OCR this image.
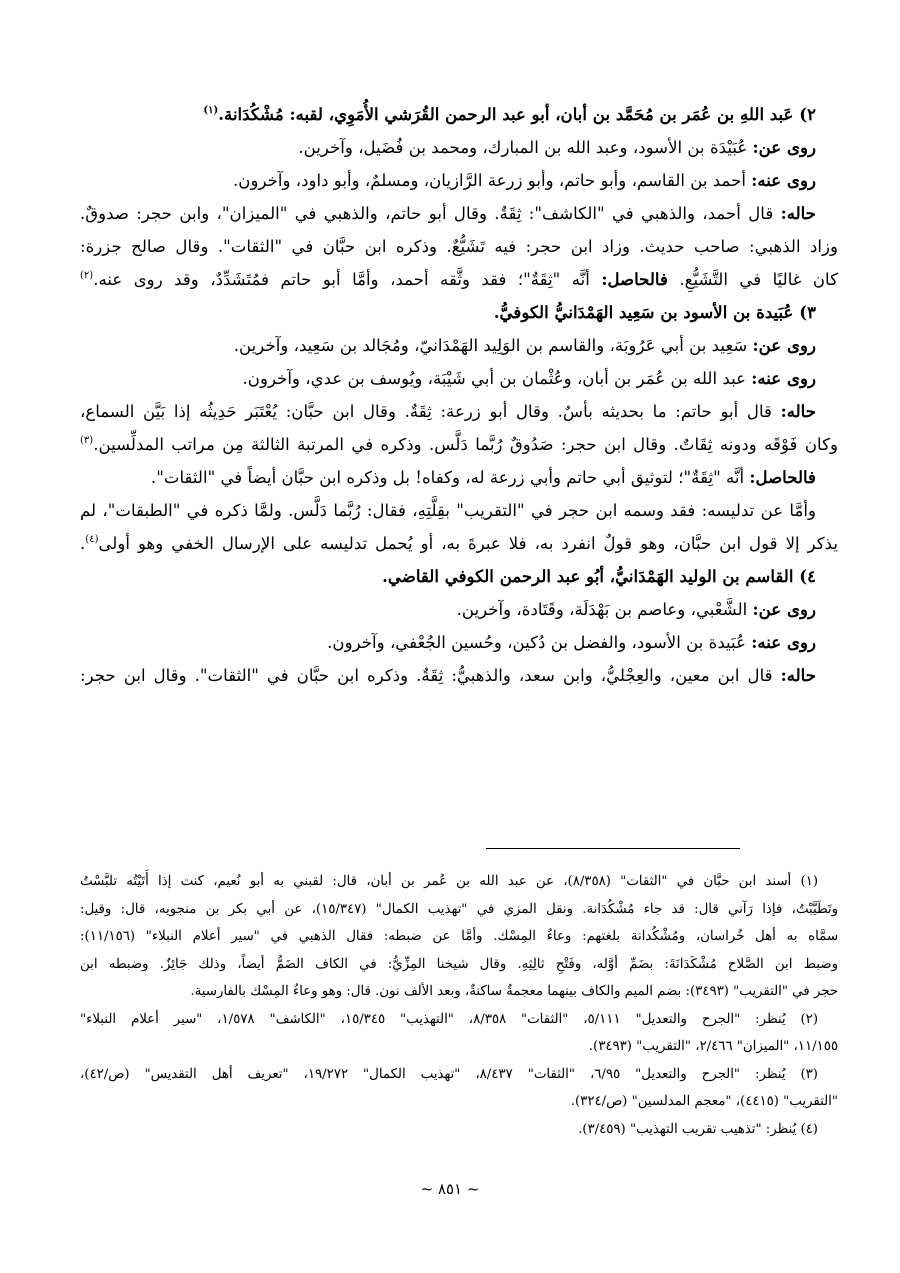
٢) عَبد اللهِ بن عُمَر بن مُحَمَّد بن أبان، أبو عبد الرحمن القُرَشي الأُمَوِي، لقبه: مُشْكُدَانة.$^{(١)}$
روى عن: عُبَيْدَة بن الأسود، وعبد الله بن المبارك، ومحمد بن فُضَيل، وآخرين.
روى عنه: أحمد بن القاسم، وأبو حاتم، وأبو زرعة الرَّازيان، ومسلمٌ، وأبو داود، وآخرون.
حاله: قال أحمد، والذهبي في "الكاشف": ثِقَةٌ. وقال أبو حاتم، والذهبي في "الميزان"، وابن حجر: صدوقٌ.
وزاد الذهبي: صاحب حديث. وزاد ابن حجر: فيه تَشَيُّعٌ. وذكره ابن حبَّان في "الثقات". وقال صالح جزرة:
كان غاليًا في التَّشَيُّعِ. فالحاصل: أنَّه "ثِقَةٌ"؛ فقد وثَّقه أحمد، وأمَّا أبو حاتم فمُتَشَدِّدٌ، وقد روى عنه.$^{(٢)}$
٣) عُبَيدة بن الأسود بن سَعِيد الهَمْدَانيُّ الكوفيُّ.
روى عن: سَعِيد بن أبي عَرُوبَة، والقاسم بن الوَلِيد الهَمْدَانيّ، ومُجَالد بن سَعِيد، وآخرين.
روى عنه: عبد الله بن عُمَر بن أبان، وعُثْمان بن أبي شَيْبَة، ويُوسف بن عدي، وآخرون.
حاله: قال أبو حاتم: ما بحديثه بأسٌ. وقال أبو زرعة: ثِقَةٌ. وقال ابن حبَّان: يُعْتَبَر حَدِيثُه إذا بَيَّن السماع،
وكان فَوْقَه ودونه ثِقَاتٌ. وقال ابن حجر: صَدُوقٌ رُبَّما دَلَّس. وذكره في المرتبة الثالثة مِن مراتب المدلِّسين.$^{(٣)}$
فالحاصل: أنَّه "ثِقَةٌ"؛ لتوثيق أبي حاتم وأبي زرعة له، وكفاه! بل وذكره ابن حبَّان أيضاً في "الثقات".
وأمَّا عن تدليسه: فقد وسمه ابن حجر في "التقريب" بقِلَّتِهِ، فقال: رُبَّما دَلَّس. ولمَّا ذكره في "الطبقات"، لم
يذكر إلا قول ابن حبَّان، وهو قولٌ انفرد به، فلا عبرةَ به، أو يُحمل تدليسه على الإرسال الخفي وهو أولى$^{(٤)}$.
٤) القاسم بن الوليد الهَمْدَانيُّ، أبُو عبد الرحمن الكوفي القاضي.
روى عن: الشَّعْبي، وعاصم بن بَهْدَلَة، وقَتَادة، وآخرين.
روى عنه: عُبَيدة بن الأسود، والفضل بن دُكين، وحُسين الجُعْفي، وآخرون.
حاله: قال ابن معين، والعِجْليُّ، وابن سعد، والذهبيُّ: ثِقَةٌ. وذكره ابن حبَّان في "الثقات". وقال ابن حجر:
(١) أسند ابن حبَّان في "الثقات" (٨/٣٥٨)، عن عبد الله بن عُمر بن أبان، قال: لقبني به أبو نُعيم، كنت إذا أَتَيْتُه تلبَّسْتُ
وتَطَيَّبْتُ، فإذا رَآني قال: قد جاء مُشْكُدَانة. ونقل المزي في "تهذيب الكمال" (١٥/٣٤٧)، عن أبي بكر بن منجويه، قال: وقيل:
سمَّاه به أهل خُراسان، ومُشْكُدانة بلغتهم: وعاءُ المِسْك. وأمَّا عن ضبطه: فقال الذهبي في "سير أعلام النبلاء" (١١/١٥٦):
وضبط ابن الصَّلاح مُشْكَدَانَةَ: بضَمِّ أوَّله، وفَتْحِ ثالِثِهِ. وقال شيخنا المِزِّيُّ: في الكاف الضَمُّ أيضاً، وذلك جَائِزٌ. وضبطه ابن
حجر في "التقريب" (٣٤٩٣): بضم الميم والكاف بينهما معجمةٌ ساكنةٌ، وبعد الألف نون. قال: وهو وعاءُ المِسْك بالفارسية.
(٢) يُنظر: "الجرح والتعديل" ٥/١١١، "الثقات" ٨/٣٥٨، "التهذيب" ١٥/٣٤٥، "الكاشف" ١/٥٧٨، "سير أعلام النبلاء"
١١/١٥٥، "الميزان" ٢/٤٦٦، "التقريب" (٣٤٩٣).
(٣) يُنظر: "الجرح والتعديل" ٦/٩٥، "الثقات" ٨/٤٣٧، "تهذيب الكمال" ١٩/٢٧٢، "تعريف أهل التقديس" (ص/٤٢)،
"التقريب" (٤٤١٥)، "معجم المدلسين" (ص/٣٢٤).
(٤) يُنظر: "تذهيب تقريب التهذيب" (٣/٤٥٩).
~ ٨٥١ ~
